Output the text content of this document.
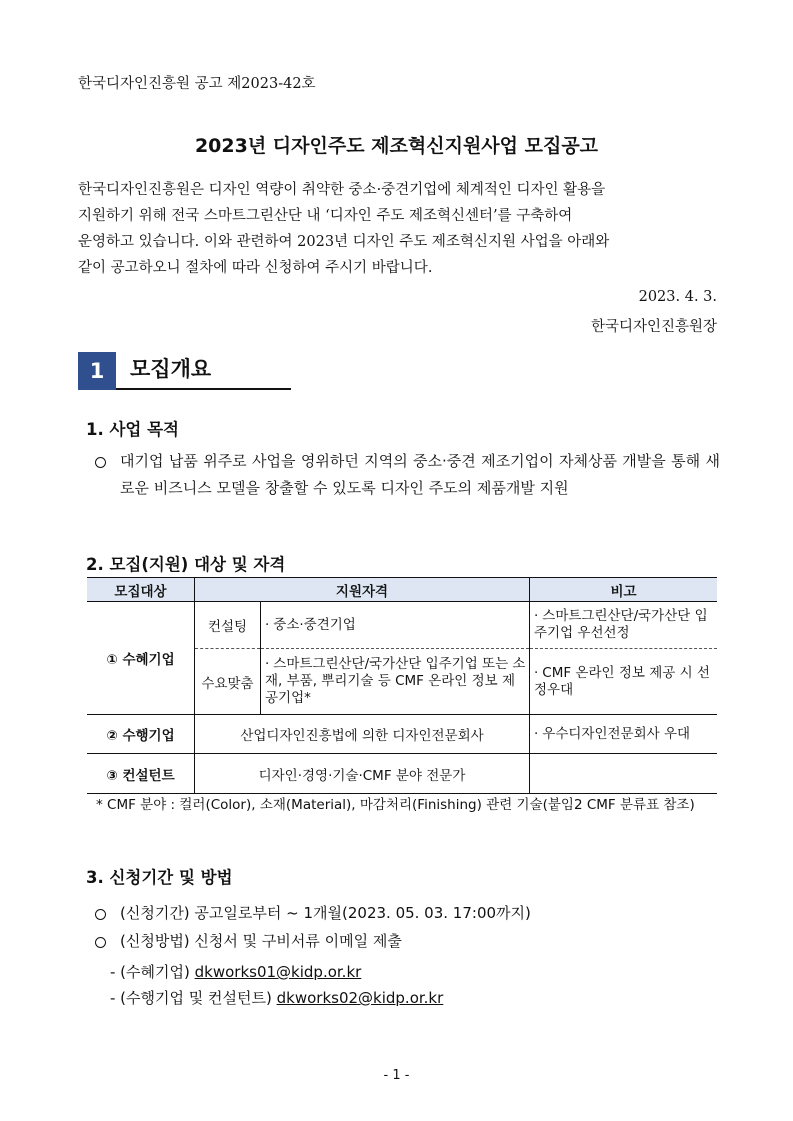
한국디자인진흥원 공고 제2023-42호
2023년 디자인주도 제조혁신지원사업 모집공고

한국디자인진흥원은 디자인 역량이 취약한 중소·중견기업에 체계적인 디자인 활용을

지원하기 위해 전국 스마트그린산단 내 ‘디자인 주도 제조혁신센터’를 구축하여

운영하고 있습니다. 이와 관련하여 2023년 디자인 주도 제조혁신지원 사업을 아래와

같이 공고하오니 절차에 따라 신청하여 주시기 바랍니다.

2023. 4. 3.
한국디자인진흥원장
1	모집개요
1. 사업 목적
대기업 납품 위주로 사업을 영위하던 지역의 중소·중견 제조기업이 자체상품 개발을 통해 새로운 비즈니스 모델을 창출할 수 있도록 디자인 주도의 제품개발 지원
2. 모집(지원) 대상 및 자격
모집대상	지원자격		비고
① 수혜기업	컨설팅	· 중소·중견기업	· 스마트그린산단/국가산단 입주기업 우선선정
	수요맞춤	· 스마트그린산단/국가산단 입주기업 또는 소재, 부품, 뿌리기술 등 CMF 온라인 정보 제공기업*	· CMF 온라인 정보 제공 시 선정우대
② 수행기업	산업디자인진흥법에 의한 디자인전문회사		· 우수디자인전문회사 우대
③ 컨설턴트	디자인·경영·기술·CMF 분야 전문가		
* CMF 분야 : 컬러(Color), 소재(Material), 마감처리(Finishing) 관련 기술(붙임2 CMF 분류표 참조)
3. 신청기간 및 방법
(신청기간) 공고일로부터 ~ 1개월(2023. 05. 03. 17:00까지)
(신청방법) 신청서 및 구비서류 이메일 제출
- (수혜기업) dkworks01@kidp.or.kr
- (수행기업 및 컨설턴트) dkworks02@kidp.or.kr
- 1 -
